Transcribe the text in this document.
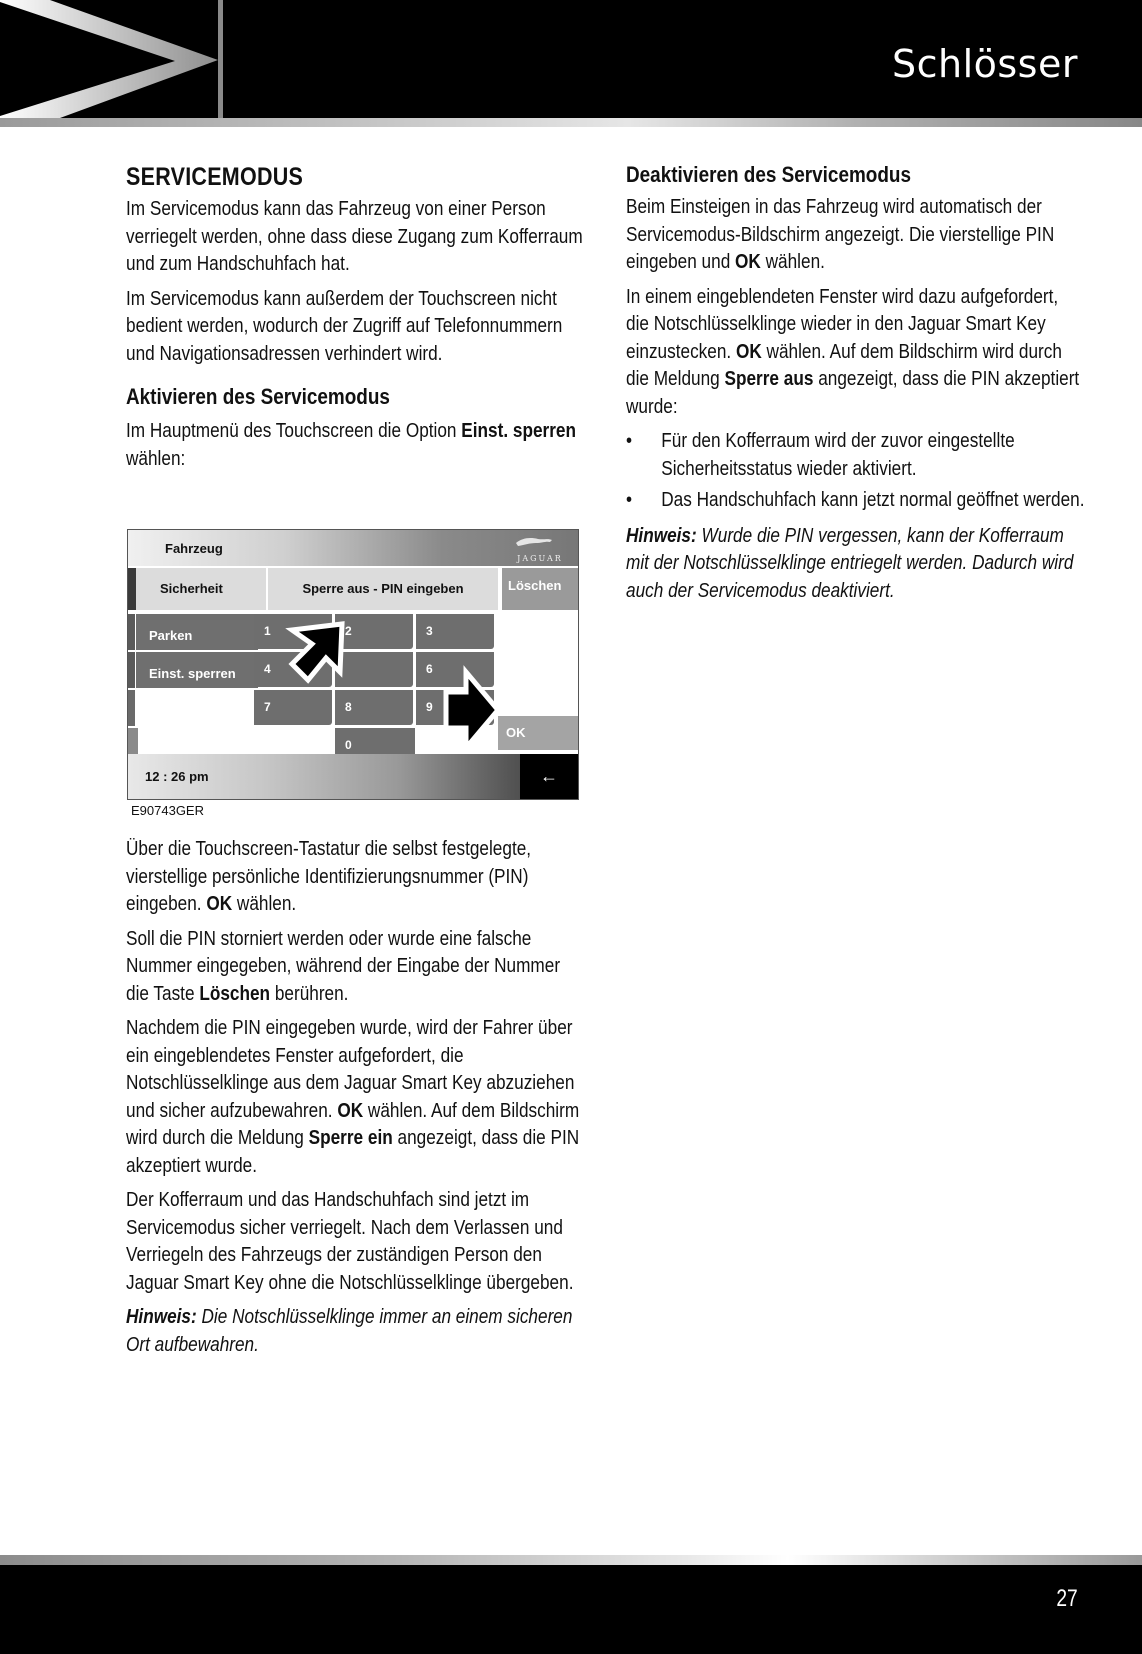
Schlösser
SERVICEMODUS

Im Servicemodus kann das Fahrzeug von einer Person verriegelt werden, ohne dass diese Zugang zum Kofferraum und zum Handschuhfach hat.

Im Servicemodus kann außerdem der Touchscreen nicht bedient werden, wodurch der Zugriff auf Telefonnummern und Navigationsadressen verhindert wird.

Aktivieren des Servicemodus

Im Hauptmenü des Touchscreen die Option Einst. sperren wählen:

Fahrzeug
JAGUAR
Sicherheit	Sperre aus - PIN eingeben	Löschen
Parken
Einst. sperren
1	2	3
4	6
7	8	9
0
OK
12 : 26 pm	←
E90743GER

Über die Touchscreen-Tastatur die selbst festgelegte, vierstellige persönliche Identifizierungsnummer (PIN) eingeben. OK wählen.

Soll die PIN storniert werden oder wurde eine falsche Nummer eingegeben, während der Eingabe der Nummer die Taste Löschen berühren.

Nachdem die PIN eingegeben wurde, wird der Fahrer über ein eingeblendetes Fenster aufgefordert, die Notschlüsselklinge aus dem Jaguar Smart Key abzuziehen und sicher aufzubewahren. OK wählen. Auf dem Bildschirm wird durch die Meldung Sperre ein angezeigt, dass die PIN akzeptiert wurde.

Der Kofferraum und das Handschuhfach sind jetzt im Servicemodus sicher verriegelt. Nach dem Verlassen und Verriegeln des Fahrzeugs der zuständigen Person den Jaguar Smart Key ohne die Notschlüsselklinge übergeben.

Hinweis: Die Notschlüsselklinge immer an einem sicheren Ort aufbewahren.

Deaktivieren des Servicemodus

Beim Einsteigen in das Fahrzeug wird automatisch der Servicemodus-Bildschirm angezeigt. Die vierstellige PIN eingeben und OK wählen.

In einem eingeblendeten Fenster wird dazu aufgefordert, die Notschlüsselklinge wieder in den Jaguar Smart Key einzustecken. OK wählen. Auf dem Bildschirm wird durch die Meldung Sperre aus angezeigt, dass die PIN akzeptiert wurde:

• Für den Kofferraum wird der zuvor eingestellte Sicherheitsstatus wieder aktiviert.
• Das Handschuhfach kann jetzt normal geöffnet werden.

Hinweis: Wurde die PIN vergessen, kann der Kofferraum mit der Notschlüsselklinge entriegelt werden. Dadurch wird auch der Servicemodus deaktiviert.

27
